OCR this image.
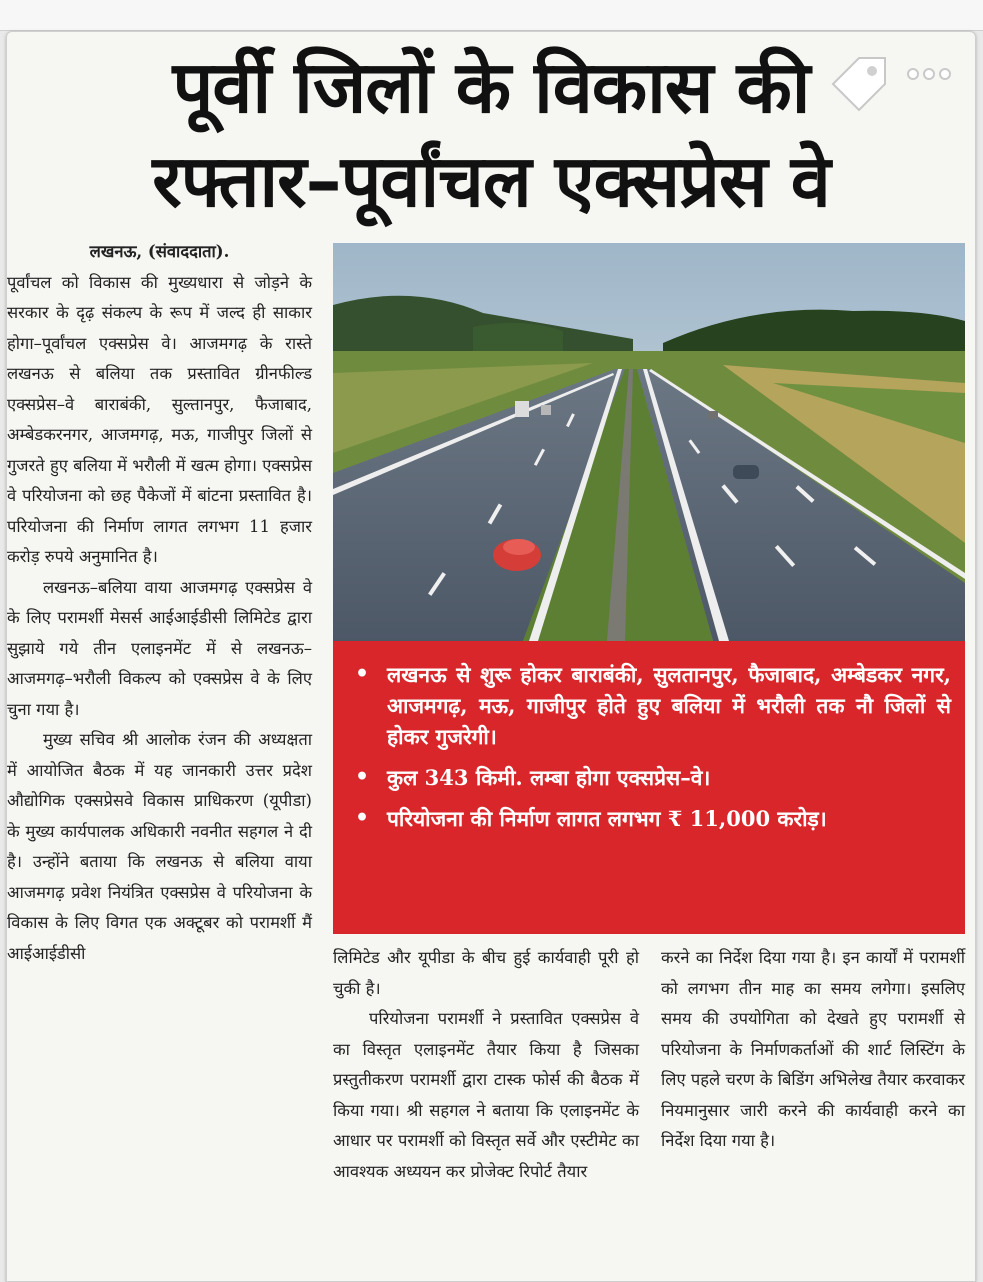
पूर्वी जिलों के विकास की
रफ्तार–पूर्वांचल एक्सप्रेस वे

लखनऊ, (संवाददाता).

पूर्वांचल को विकास की मुख्यधारा से जोड़ने के सरकार के दृढ़ संकल्प के रूप में जल्द ही साकार होगा–पूर्वांचल एक्सप्रेस वे। आजमगढ़ के रास्ते लखनऊ से बलिया तक प्रस्तावित ग्रीनफील्ड एक्सप्रेस–वे बाराबंकी, सुल्तानपुर, फैजाबाद, अम्बेडकरनगर, आजमगढ़, मऊ, गाजीपुर जिलों से गुजरते हुए बलिया में भरौली में खत्म होगा। एक्सप्रेस वे परियोजना को छह पैकेजों में बांटना प्रस्तावित है। परियोजना की निर्माण लागत लगभग 11 हजार करोड़ रुपये अनुमानित है।

लखनऊ–बलिया वाया आजमगढ़ एक्सप्रेस वे के लिए परामर्शी मेसर्स आईआईडीसी लिमिटेड द्वारा सुझाये गये तीन एलाइनमेंट में से लखनऊ–आजमगढ़–भरौली विकल्प को एक्सप्रेस वे के लिए चुना गया है।

मुख्य सचिव श्री आलोक रंजन की अध्यक्षता में आयोजित बैठक में यह जानकारी उत्तर प्रदेश औद्योगिक एक्सप्रेसवे विकास प्राधिकरण (यूपीडा) के मुख्य कार्यपालक अधिकारी नवनीत सहगल ने दी है। उन्होंने बताया कि लखनऊ से बलिया वाया आजमगढ़ प्रवेश नियंत्रित एक्सप्रेस वे परियोजना के विकास के लिए विगत एक अक्टूबर को परामर्शी मैं आईआईडीसी

• लखनऊ से शुरू होकर बाराबंकी, सुलतानपुर, फैजाबाद, अम्बेडकर नगर, आजमगढ़, मऊ, गाजीपुर होते हुए बलिया में भरौली तक नौ जिलों से होकर गुजरेगी।
• कुल 343 किमी. लम्बा होगा एक्सप्रेस–वे।
• परियोजना की निर्माण लागत लगभग ₹ 11,000 करोड़।

लिमिटेड और यूपीडा के बीच हुई कार्यवाही पूरी हो चुकी है।

परियोजना परामर्शी ने प्रस्तावित एक्सप्रेस वे का विस्तृत एलाइनमेंट तैयार किया है जिसका प्रस्तुतीकरण परामर्शी द्वारा टास्क फोर्स की बैठक में किया गया। श्री सहगल ने बताया कि एलाइनमेंट के आधार पर परामर्शी को विस्तृत सर्वे और एस्टीमेट का आवश्यक अध्ययन कर प्रोजेक्ट रिपोर्ट तैयार

करने का निर्देश दिया गया है। इन कार्यों में परामर्शी को लगभग तीन माह का समय लगेगा। इसलिए समय की उपयोगिता को देखते हुए परामर्शी से परियोजना के निर्माणकर्ताओं की शार्ट लिस्टिंग के लिए पहले चरण के बिडिंग अभिलेख तैयार करवाकर नियमानुसार जारी करने की कार्यवाही करने का निर्देश दिया गया है।
